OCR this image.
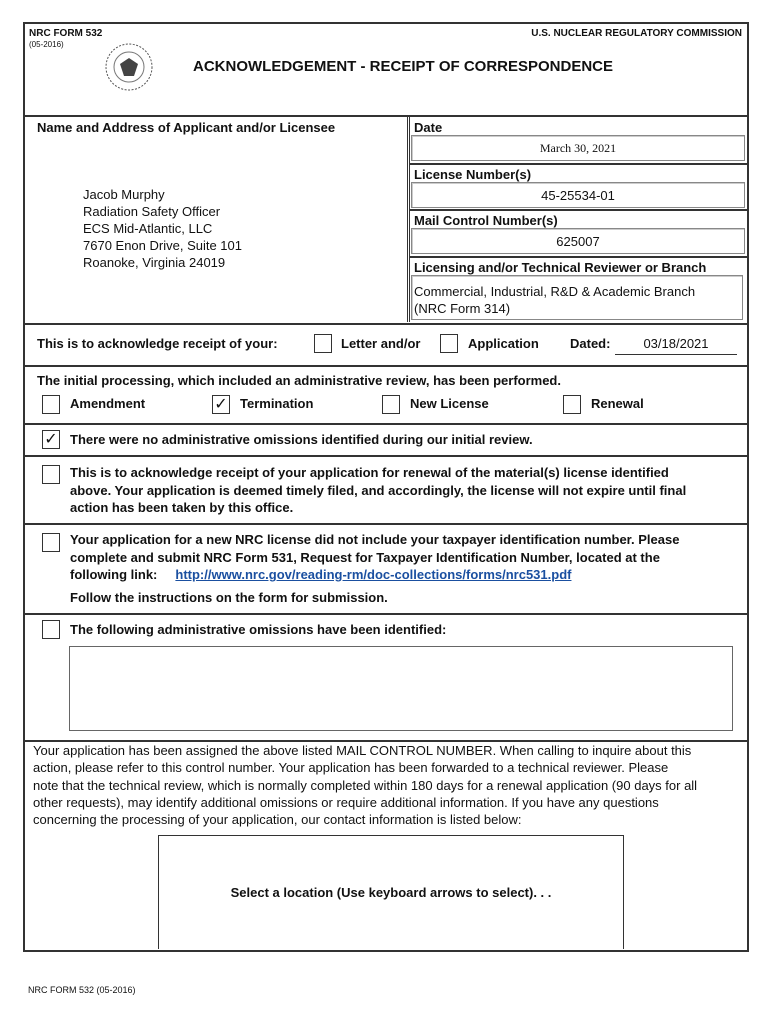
NRC FORM 532
(05-2016)
U.S. NUCLEAR REGULATORY COMMISSION
ACKNOWLEDGEMENT - RECEIPT OF CORRESPONDENCE
Name and Address of Applicant and/or Licensee
Jacob Murphy
Radiation Safety Officer
ECS Mid-Atlantic, LLC
7670 Enon Drive, Suite 101
Roanoke, Virginia 24019
Date
March 30, 2021
License Number(s)
45-25534-01
Mail Control Number(s)
625007
Licensing and/or Technical Reviewer or Branch
Commercial, Industrial, R&D & Academic Branch
(NRC Form 314)
This is to acknowledge receipt of your:	Letter and/or	Application Dated:	03/18/2021
The initial processing, which included an administrative review, has been performed.
Amendment	✓ Termination	New License	Renewal
✓ There were no administrative omissions identified during our initial review.
This is to acknowledge receipt of your application for renewal of the material(s) license identified
above. Your application is deemed timely filed, and accordingly, the license will not expire until final
action has been taken by this office.
Your application for a new NRC license did not include your taxpayer identification number. Please
complete and submit NRC Form 531, Request for Taxpayer Identification Number, located at the
following link: http://www.nrc.gov/reading-rm/doc-collections/forms/nrc531.pdf
Follow the instructions on the form for submission.
The following administrative omissions have been identified:
Your application has been assigned the above listed MAIL CONTROL NUMBER. When calling to inquire about this
action, please refer to this control number. Your application has been forwarded to a technical reviewer. Please
note that the technical review, which is normally completed within 180 days for a renewal application (90 days for all
other requests), may identify additional omissions or require additional information. If you have any questions
concerning the processing of your application, our contact information is listed below:
Select a location (Use keyboard arrows to select). . .
NRC FORM 532 (05-2016)
